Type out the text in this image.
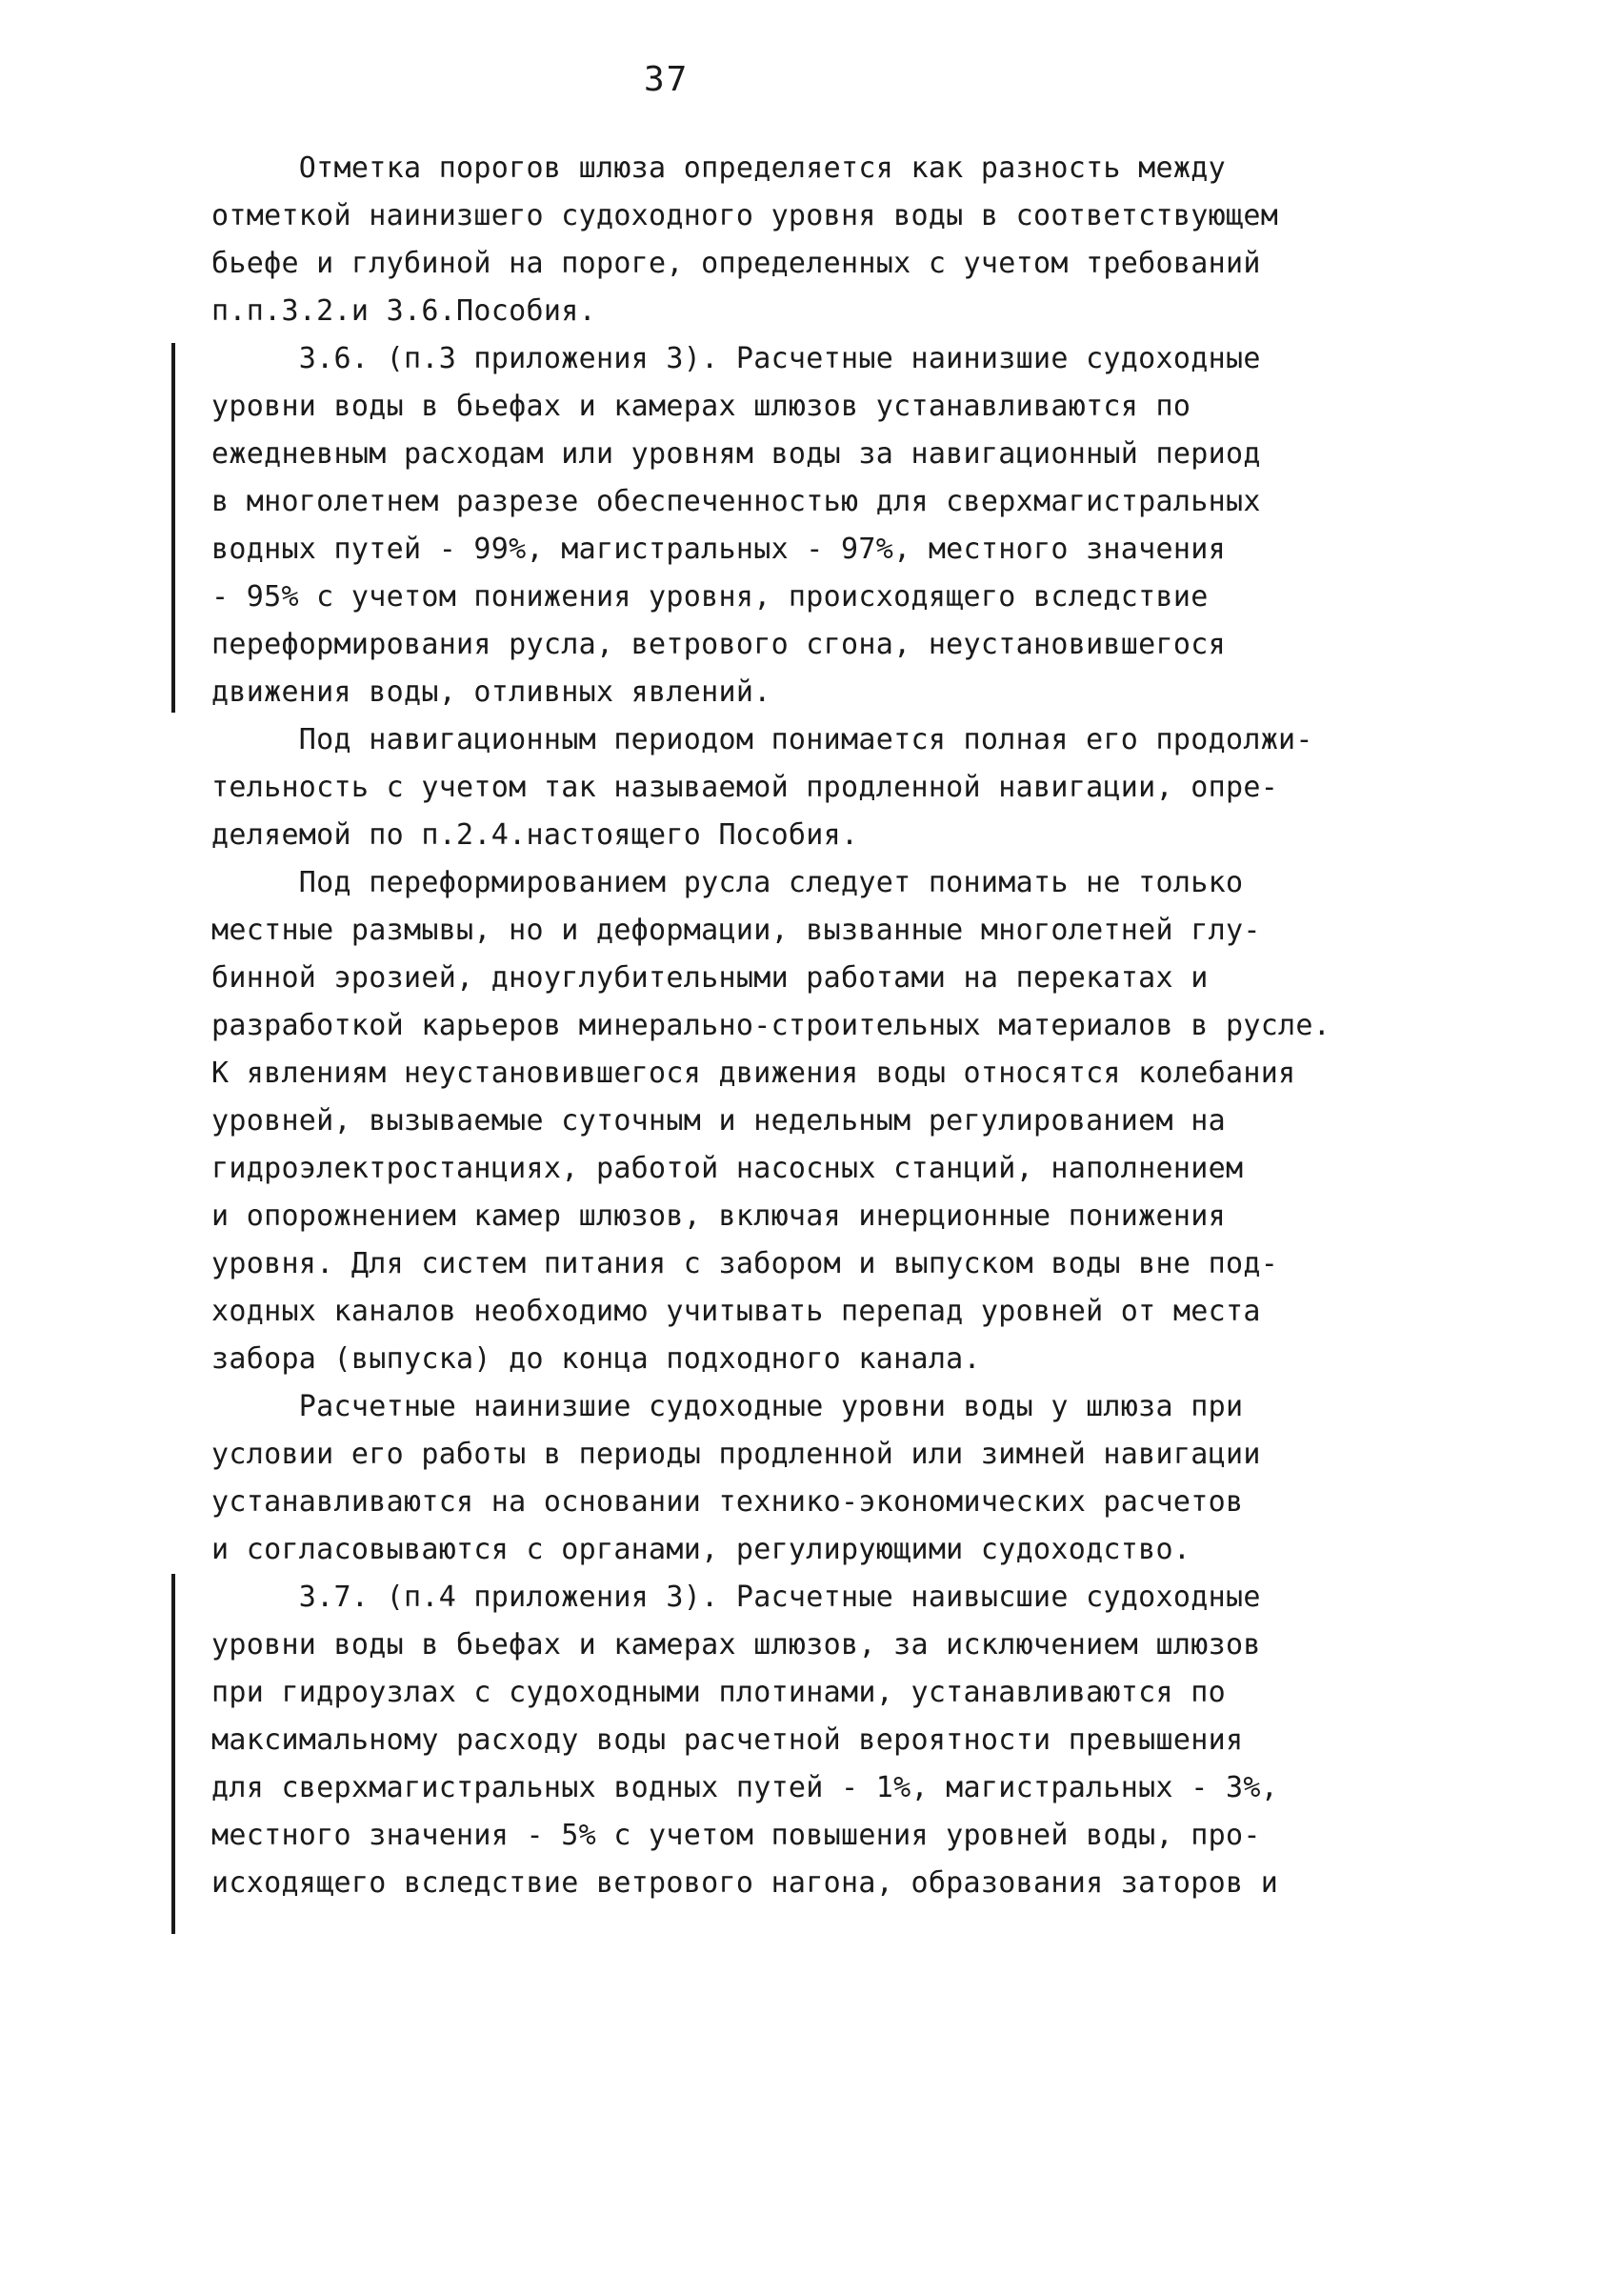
37

Отметка порогов шлюза определяется как разность между
отметкой наинизшего судоходного уровня воды в соответствующем
бьефе и глубиной на пороге, определенных с учетом требований
п.п.3.2.и 3.6.Пособия.

3.6. (п.3 приложения 3). Расчетные наинизшие судоходные
уровни воды в бьефах и камерах шлюзов устанавливаются по
ежедневным расходам или уровням воды за навигационный период
в многолетнем разрезе обеспеченностью для сверхмагистральных
водных путей - 99%, магистральных - 97%, местного значения
- 95% с учетом понижения уровня, происходящего вследствие
переформирования русла, ветрового сгона, неустановившегося
движения воды, отливных явлений.

Под навигационным периодом понимается полная его продолжи-
тельность с учетом так называемой продленной навигации, опре-
деляемой по п.2.4.настоящего Пособия.

Под переформированием русла следует понимать не только
местные размывы, но и деформации, вызванные многолетней глу-
бинной эрозией, дноуглубительными работами на перекатах и
разработкой карьеров минерально-строительных материалов в русле.
К явлениям неустановившегося движения воды относятся колебания
уровней, вызываемые суточным и недельным регулированием на
гидроэлектростанциях, работой насосных станций, наполнением
и опорожнением камер шлюзов, включая инерционные понижения
уровня. Для систем питания с забором и выпуском воды вне под-
ходных каналов необходимо учитывать перепад уровней от места
забора (выпуска) до конца подходного канала.

Расчетные наинизшие судоходные уровни воды у шлюза при
условии его работы в периоды продленной или зимней навигации
устанавливаются на основании технико-экономических расчетов
и согласовываются с органами, регулирующими судоходство.

3.7. (п.4 приложения 3). Расчетные наивысшие судоходные
уровни воды в бьефах и камерах шлюзов, за исключением шлюзов
при гидроузлах с судоходными плотинами, устанавливаются по
максимальному расходу воды расчетной вероятности превышения
для сверхмагистральных водных путей - 1%, магистральных - 3%,
местного значения - 5% с учетом повышения уровней воды, про-
исходящего вследствие ветрового нагона, образования заторов и
